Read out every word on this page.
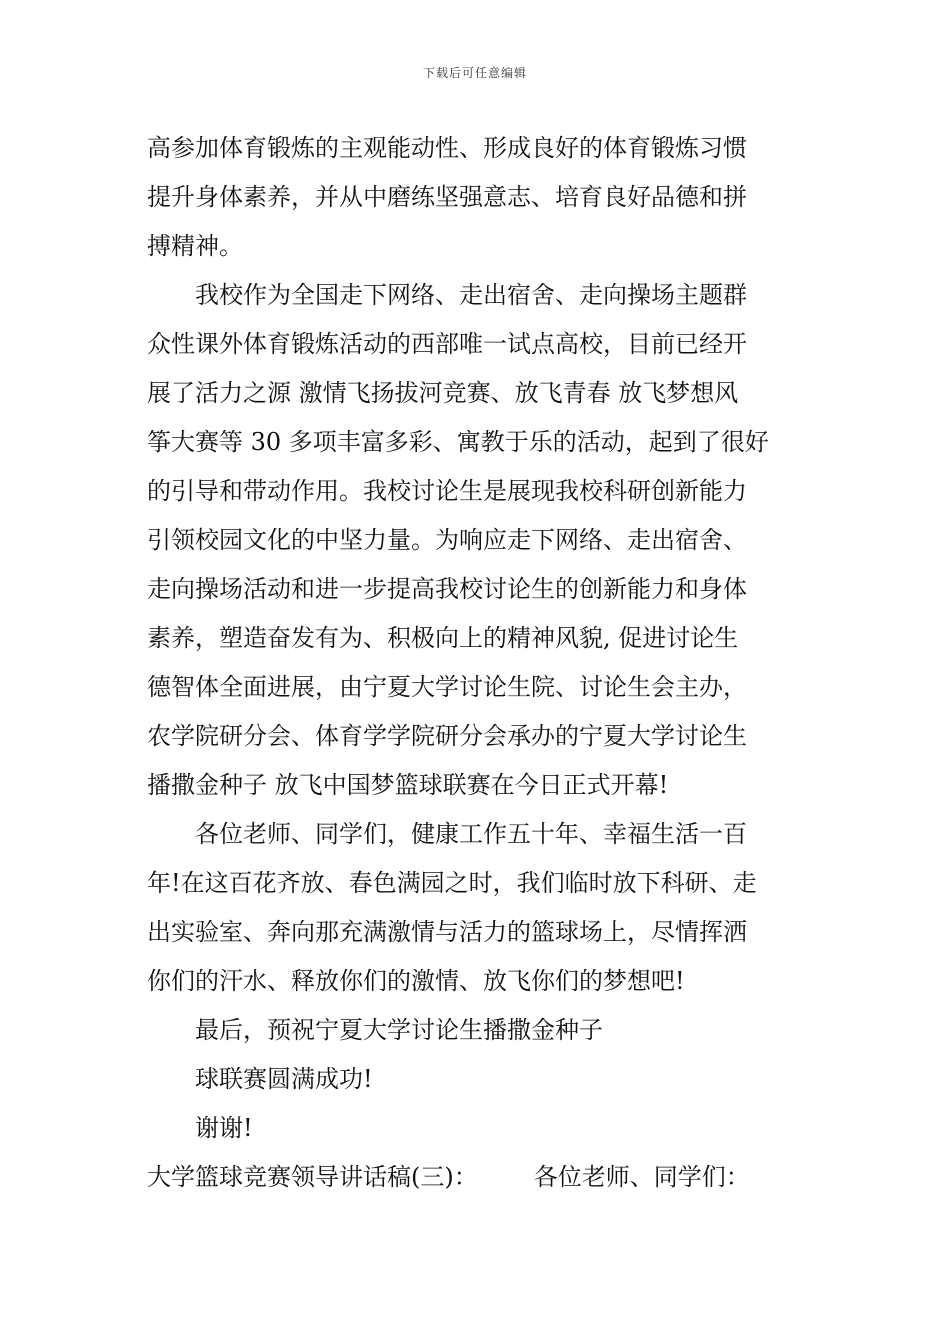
下载后可任意编辑

高参加体育锻炼的主观能动性、形成良好的体育锻炼习惯

提升身体素养，并从中磨练坚强意志、培育良好品德和拼

搏精神。

我校作为全国走下网络、走出宿舍、走向操场主题群

众性课外体育锻炼活动的西部唯一试点高校，目前已经开

展了活力之源 激情飞扬拔河竞赛、放飞青春 放飞梦想风

筝大赛等 30 多项丰富多彩、寓教于乐的活动，起到了很好

的引导和带动作用。我校讨论生是展现我校科研创新能力

引领校园文化的中坚力量。为响应走下网络、走出宿舍、

走向操场活动和进一步提高我校讨论生的创新能力和身体

素养，塑造奋发有为、积极向上的精神风貌, 促进讨论生

德智体全面进展，由宁夏大学讨论生院、讨论生会主办，

农学院研分会、体育学学院研分会承办的宁夏大学讨论生

播撒金种子 放飞中国梦篮球联赛在今日正式开幕!

各位老师、同学们，健康工作五十年、幸福生活一百

年!在这百花齐放、春色满园之时，我们临时放下科研、走

出实验室、奔向那充满激情与活力的篮球场上，尽情挥洒

你们的汗水、释放你们的激情、放飞你们的梦想吧!

最后，预祝宁夏大学讨论生播撒金种子

球联赛圆满成功!

谢谢!

大学篮球竞赛领导讲话稿(三)： 各位老师、同学们：
